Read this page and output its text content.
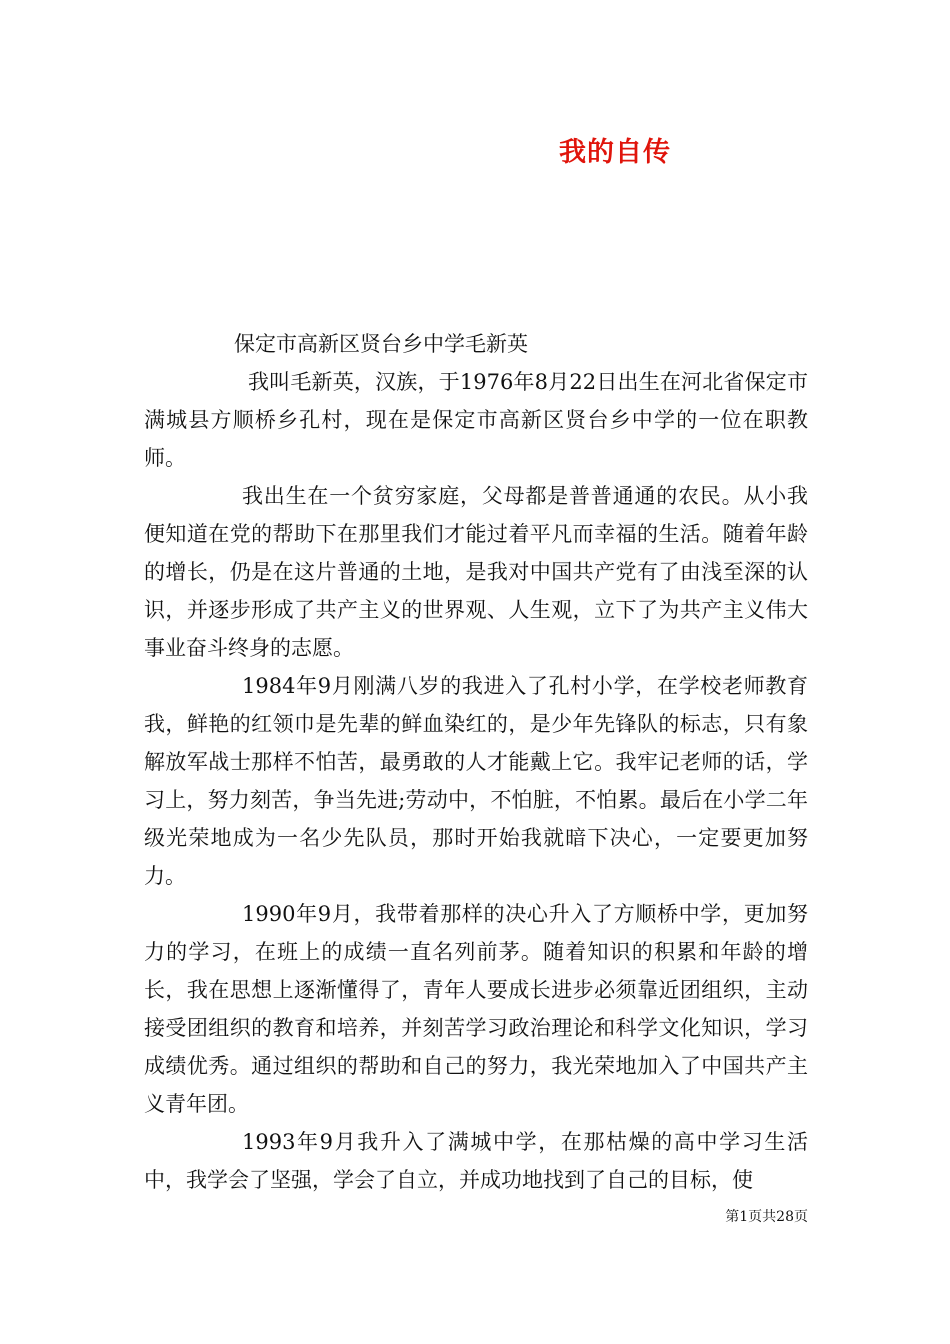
我的自传

保定市高新区贤台乡中学毛新英

我叫毛新英，汉族，于1976年8月22日出生在河北省保定市满城县方顺桥乡孔村，现在是保定市高新区贤台乡中学的一位在职教师。

我出生在一个贫穷家庭，父母都是普普通通的农民。从小我便知道在党的帮助下在那里我们才能过着平凡而幸福的生活。随着年龄的增长，仍是在这片普通的土地，是我对中国共产党有了由浅至深的认识，并逐步形成了共产主义的世界观、人生观，立下了为共产主义伟大事业奋斗终身的志愿。

1984年9月刚满八岁的我进入了孔村小学，在学校老师教育我，鲜艳的红领巾是先辈的鲜血染红的，是少年先锋队的标志，只有象解放军战士那样不怕苦，最勇敢的人才能戴上它。我牢记老师的话，学习上，努力刻苦，争当先进;劳动中，不怕脏，不怕累。最后在小学二年级光荣地成为一名少先队员，那时开始我就暗下决心，一定要更加努力。

1990年9月，我带着那样的决心升入了方顺桥中学，更加努力的学习，在班上的成绩一直名列前茅。随着知识的积累和年龄的增长，我在思想上逐渐懂得了，青年人要成长进步必须靠近团组织，主动接受团组织的教育和培养，并刻苦学习政治理论和科学文化知识，学习成绩优秀。通过组织的帮助和自己的努力，我光荣地加入了中国共产主义青年团。

1993年9月我升入了满城中学，在那枯燥的高中学习生活中，我学会了坚强，学会了自立，并成功地找到了自己的目标，使

第1页共28页
